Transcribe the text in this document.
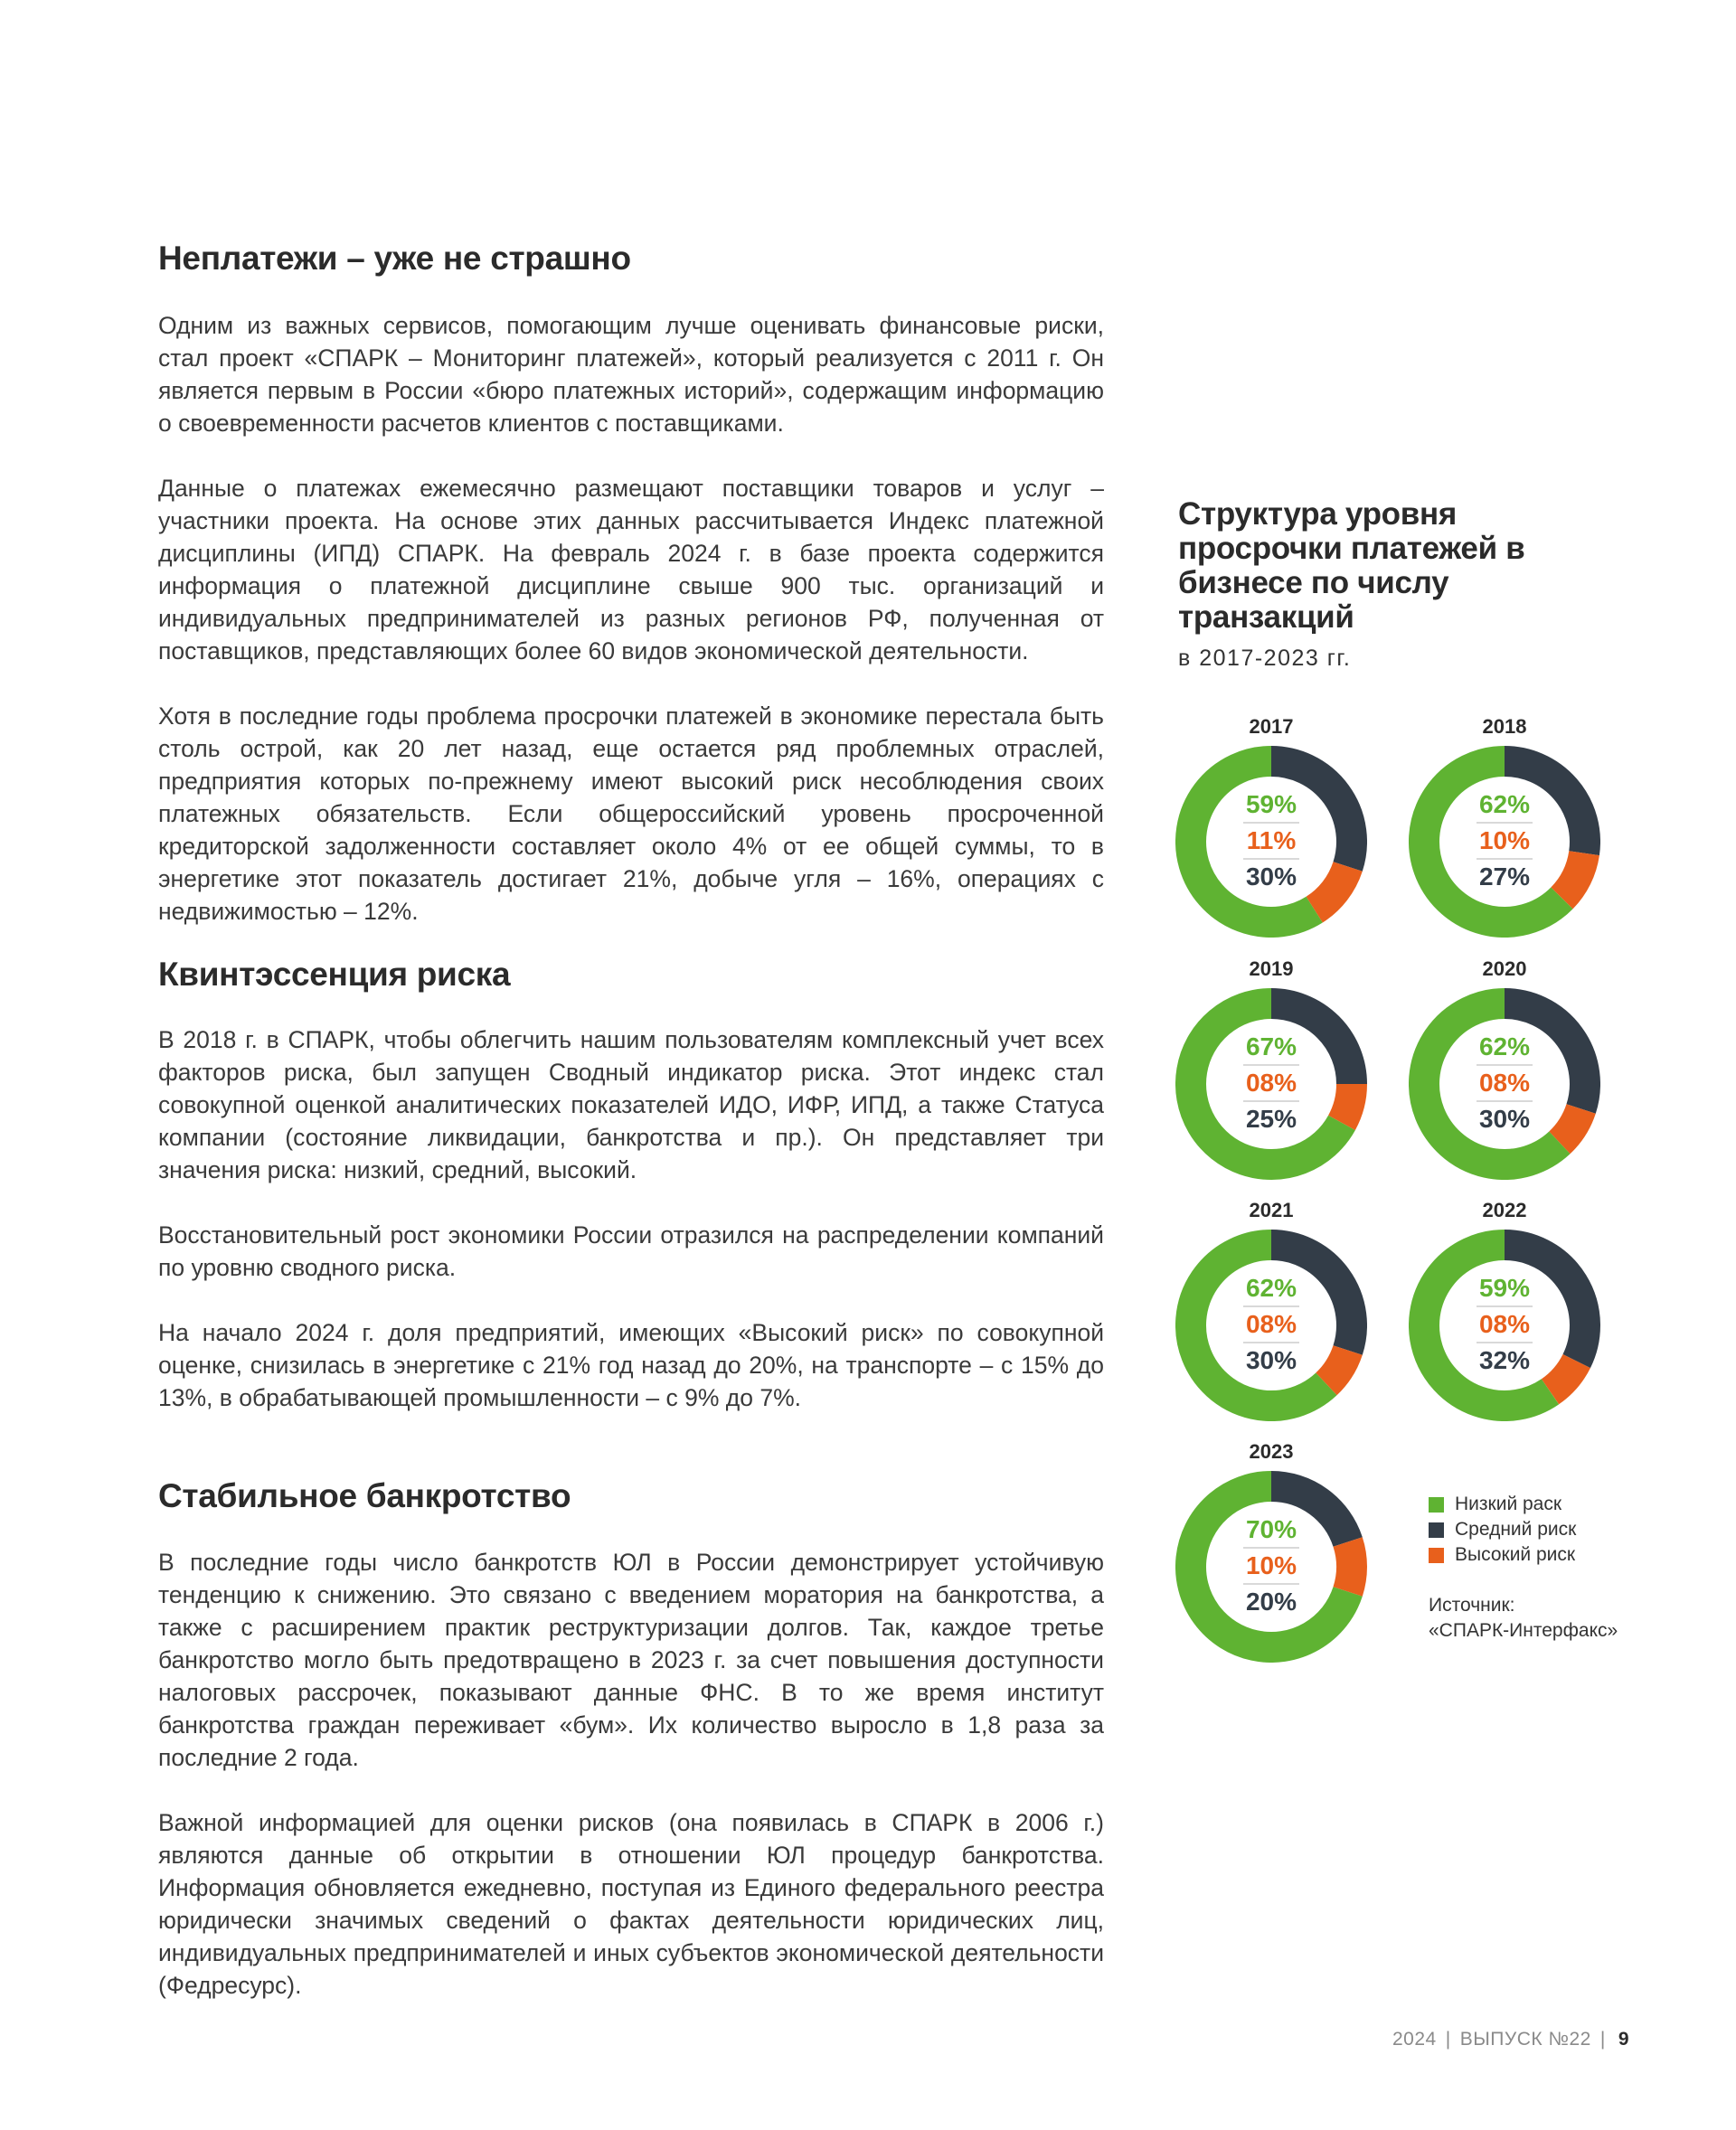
Неплатежи – уже не страшно

Одним из важных сервисов, помогающим лучше оценивать финансовые риски, стал проект «СПАРК – Мониторинг платежей», который реализуется с 2011 г. Он является первым в России «бюро платежных историй», содержащим информацию о своевременности расчетов клиентов с поставщиками.

Данные о платежах ежемесячно размещают поставщики товаров и услуг – участники проекта. На основе этих данных рассчитывается Индекс платежной дисциплины (ИПД) СПАРК. На февраль 2024 г. в базе проекта содержится информация о платежной дисциплине свыше 900 тыс. организаций и индивидуальных предпринимателей из разных регионов РФ, полученная от поставщиков, представляющих более 60 видов экономической деятельности.

Хотя в последние годы проблема просрочки платежей в экономике перестала быть столь острой, как 20 лет назад, еще остается ряд проблемных отраслей, предприятия которых по-прежнему имеют высокий риск несоблюдения своих платежных обязательств. Если общероссийский уровень просроченной кредиторской задолженности составляет около 4% от ее общей суммы, то в энергетике этот показатель достигает 21%, добыче угля – 16%, операциях с недвижимостью – 12%.

Квинтэссенция риска

В 2018 г. в СПАРК, чтобы облегчить нашим пользователям комплексный учет всех факторов риска, был запущен Сводный индикатор риска. Этот индекс стал совокупной оценкой аналитических показателей ИДО, ИФР, ИПД, а также Статуса компании (состояние ликвидации, банкротства и пр.). Он представляет три значения риска: низкий, средний, высокий.

Восстановительный рост экономики России отразился на распределении компаний по уровню сводного риска.

На начало 2024 г. доля предприятий, имеющих «Высокий риск» по совокупной оценке, снизилась в энергетике с 21% год назад до 20%, на транспорте – с 15% до 13%, в обрабатывающей промышленности – с 9% до 7%.

Стабильное банкротство

В последние годы число банкротств ЮЛ в России демонстрирует устойчивую тенденцию к снижению. Это связано с введением моратория на банкротства, а также с расширением практик реструктуризации долгов. Так, каждое третье банкротство могло быть предотвращено в 2023 г. за счет повышения доступности налоговых рассрочек, показывают данные ФНС. В то же время институт банкротства граждан переживает «бум». Их количество выросло в 1,8 раза за последние 2 года.

Важной информацией для оценки рисков (она появилась в СПАРК в 2006 г.) являются данные об открытии в отношении ЮЛ процедур банкротства. Информация обновляется ежедневно, поступая из Единого федерального реестра юридически значимых сведений о фактах деятельности юридических лиц, индивидуальных предпринимателей и иных субъектов экономической деятельности (Федресурс).

Структура уровня просрочки платежей в бизнесе по числу транзакций

в 2017-2023 гг.

2017
59%
11%
30%
2018
62%
10%
27%
2019
67%
08%
25%
2020
62%
08%
30%
2021
62%
08%
30%
2022
59%
08%
32%
2023
70%
10%
20%
Низкий раск
Средний риск
Высокий риск
Источник:
«СПАРК-Интерфакс»
2024 | ВЫПУСК №22 | 9
